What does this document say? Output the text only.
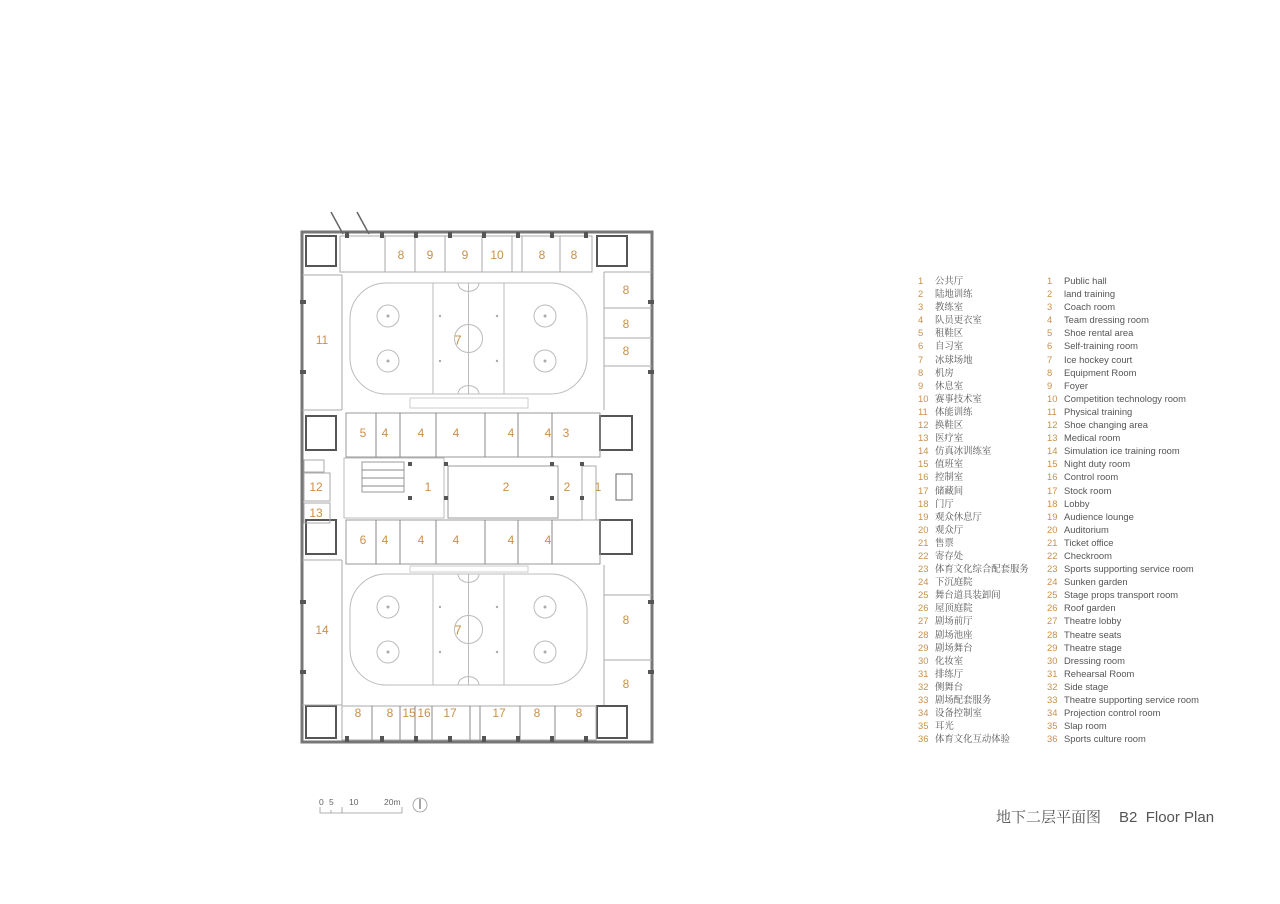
8 9 9 10	8 8
8
8
8
11	7
5 4 4 4	4	4 3
12	1	2	2 1
13
6 4 4 4	4	4
7
14
8
8
8 8 15 16 17	17 8	8
0 5 10	20m
1 公共厅
2 陆地训练
3 教练室
4 队员更衣室
5 租鞋区
6 自习室
7 冰球场地
8 机房
9 休息室
10 赛事技术室
11 体能训练
12 换鞋区
13 医疗室
14 仿真冰训练室
15 值班室
16 控制室
17 储藏间
18 门厅
19 观众休息厅
20 观众厅
21 售票
22 寄存处
23 体育文化综合配套服务
24 下沉庭院
25 舞台道具装卸间
26 屋顶庭院
27 剧场前厅
28 剧场池座
29 剧场舞台
30 化妆室
31 排练厅
32 侧舞台
33 剧场配套服务
34 设备控制室
35 耳光
36 体育文化互动体验
1 Public hall
2 land training
3 Coach room
4 Team dressing room
5 Shoe rental area
6 Self-training room
7 Ice hockey court
8 Equipment Room
9 Foyer
10 Competition technology room
11 Physical training
12 Shoe changing area
13 Medical room
14 Simulation ice training room
15 Night duty room
16 Control room
17 Stock room
18 Lobby
19 Audience lounge
20 Auditorium
21 Ticket office
22 Checkroom
23 Sports supporting service room
24 Sunken garden
25 Stage props transport room
26 Roof garden
27 Theatre lobby
28 Theatre seats
29 Theatre stage
30 Dressing room
31 Rehearsal Room
32 Side stage
33 Theatre supporting service room
34 Projection control room
35 Slap room
36 Sports culture room
地下二层平面图 B2  Floor Plan
